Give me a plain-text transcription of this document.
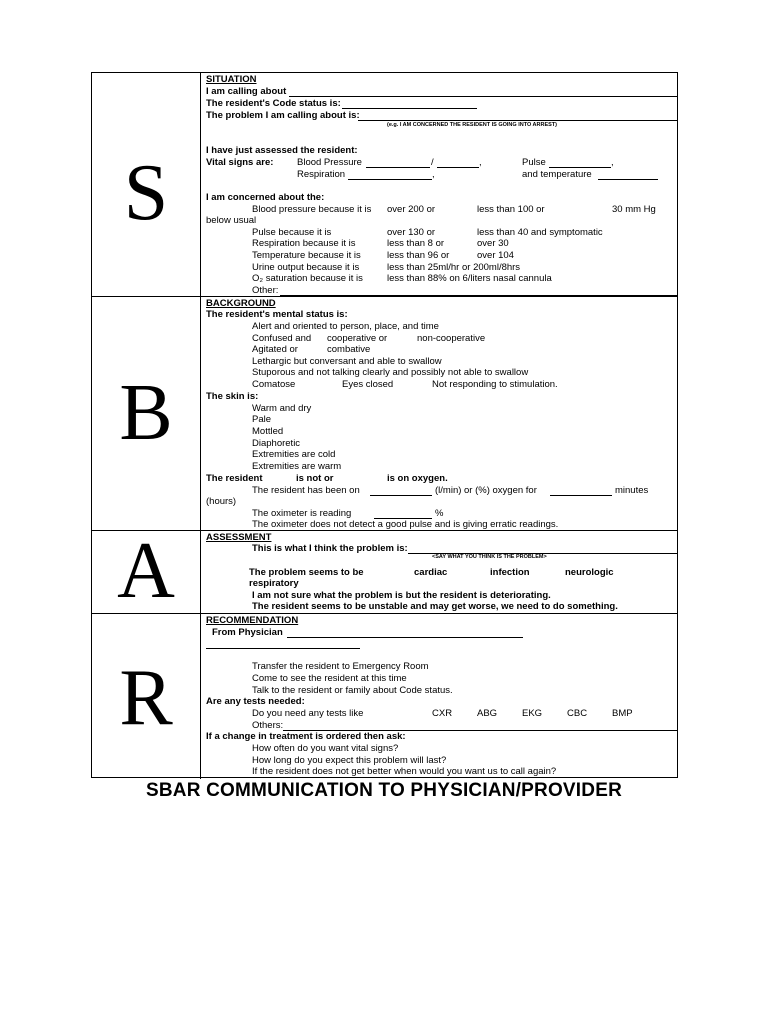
S
SITUATION
I am calling about
The resident's Code status is:
The problem I am calling about is:
(e.g. I AM CONCERNED THE RESIDENT IS GOING INTO ARREST)
I have just assessed the resident:
Vital signs are: Blood Pressure	/	,	Pulse	,
Respiration	,	and temperature
I am concerned about the:
Blood pressure because it is over 200 or	less than 100 or	30 mm Hg
below usual
Pulse because it is	over 130 or	less than 40 and symptomatic
Respiration because it is	less than 8 or	over 30
Temperature because it is	less than 96 or	over 104
Urine output because it is	less than 25ml/hr or 200ml/8hrs
O₂ saturation because it is	less than 88% on 6/liters nasal cannula
Other:
B
BACKGROUND
The resident's mental status is:
Alert and oriented to person, place, and time
Confused and cooperative or	non-cooperative
Agitated or	combative
Lethargic but conversant and able to swallow
Stuporous and not talking clearly and possibly not able to swallow
Comatose	Eyes closed	Not responding to stimulation.
The skin is:
Warm and dry
Pale
Mottled
Diaphoretic
Extremities are cold
Extremities are warm
The resident	is not or	is on oxygen.
The resident has been on	(l/min) or (%) oxygen for	minutes
(hours)
The oximeter is reading	%
The oximeter does not detect a good pulse and is giving erratic readings.
A	ASSESSMENT
This is what I think the problem is:
<SAY WHAT YOU THINK IS THE PROBLEM>
The problem seems to be	cardiac	infection	neurologic
respiratory
I am not sure what the problem is but the resident is deteriorating.
The resident seems to be unstable and may get worse, we need to do something.
R
RECOMMENDATION
From Physician
Transfer the resident to Emergency Room
Come to see the resident at this time
Talk to the resident or family about Code status.
Are any tests needed:
Do you need any tests like	CXR	ABG	EKG	CBC	BMP
Others:
If a change in treatment is ordered then ask:
How often do you want vital signs?
How long do you expect this problem will last?
If the resident does not get better when would you want us to call again?
SBAR COMMUNICATION TO PHYSICIAN/PROVIDER
